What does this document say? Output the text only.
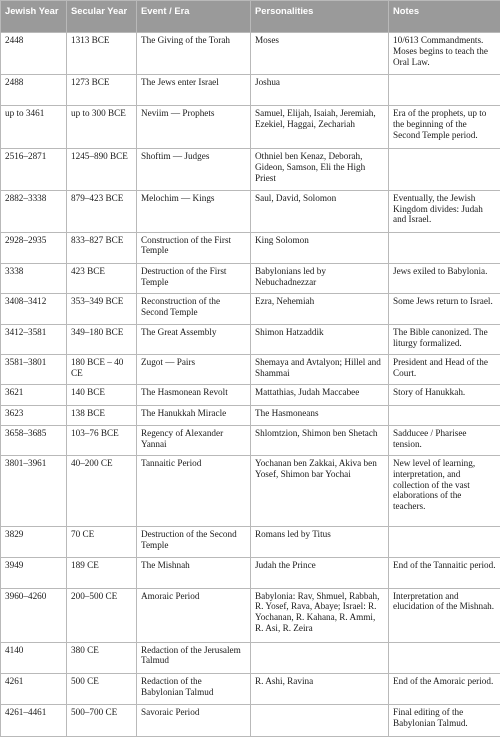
Jewish Year	Secular Year	Event / Era	Personalities	Notes
2448	1313 BCE	The Giving of the Torah	Moses	10/613 Commandments. Moses begins to teach the Oral Law.
2488	1273 BCE	The Jews enter Israel	Joshua	
up to 3461	up to 300 BCE	Neviim — Prophets	Samuel, Elijah, Isaiah, Jeremiah, Ezekiel, Haggai, Zechariah	Era of the prophets, up to the beginning of the Second Temple period.
2516–2871	1245–890 BCE	Shoftim — Judges	Othniel ben Kenaz, Deborah, Gideon, Samson, Eli the High Priest	
2882–3338	879–423 BCE	Melochim — Kings	Saul, David, Solomon	Eventually, the Jewish Kingdom divides: Judah and Israel.
2928–2935	833–827 BCE	Construction of the First Temple	King Solomon	
3338	423 BCE	Destruction of the First Temple	Babylonians led by Nebuchadnezzar	Jews exiled to Babylonia.
3408–3412	353–349 BCE	Reconstruction of the Second Temple	Ezra, Nehemiah	Some Jews return to Israel.
3412–3581	349–180 BCE	The Great Assembly	Shimon Hatzaddik	The Bible canonized. The liturgy formalized.
3581–3801	180 BCE – 40 CE	Zugot — Pairs	Shemaya and Avtalyon; Hillel and Shammai	President and Head of the Court.
3621	140 BCE	The Hasmonean Revolt	Mattathias, Judah Maccabee	Story of Hanukkah.
3623	138 BCE	The Hanukkah Miracle	The Hasmoneans	
3658–3685	103–76 BCE	Regency of Alexander Yannai	Shlomtzion, Shimon ben Shetach	Sadducee / Pharisee tension.
3801–3961	40–200 CE	Tannaitic Period	Yochanan ben Zakkai, Akiva ben Yosef, Shimon bar Yochai	New level of learning, interpretation, and collection of the vast elaborations of the teachers.
3829	70 CE	Destruction of the Second Temple	Romans led by Titus	
3949	189 CE	The Mishnah	Judah the Prince	End of the Tannaitic period.
3960–4260	200–500 CE	Amoraic Period	Babylonia: Rav, Shmuel, Rabbah, R. Yosef, Rava, Abaye; Israel: R. Yochanan, R. Kahana, R. Ammi, R. Asi, R. Zeira	Interpretation and elucidation of the Mishnah.
4140	380 CE	Redaction of the Jerusalem Talmud		
4261	500 CE	Redaction of the Babylonian Talmud	R. Ashi, Ravina	End of the Amoraic period.
4261–4461	500–700 CE	Savoraic Period		Final editing of the Babylonian Talmud.
